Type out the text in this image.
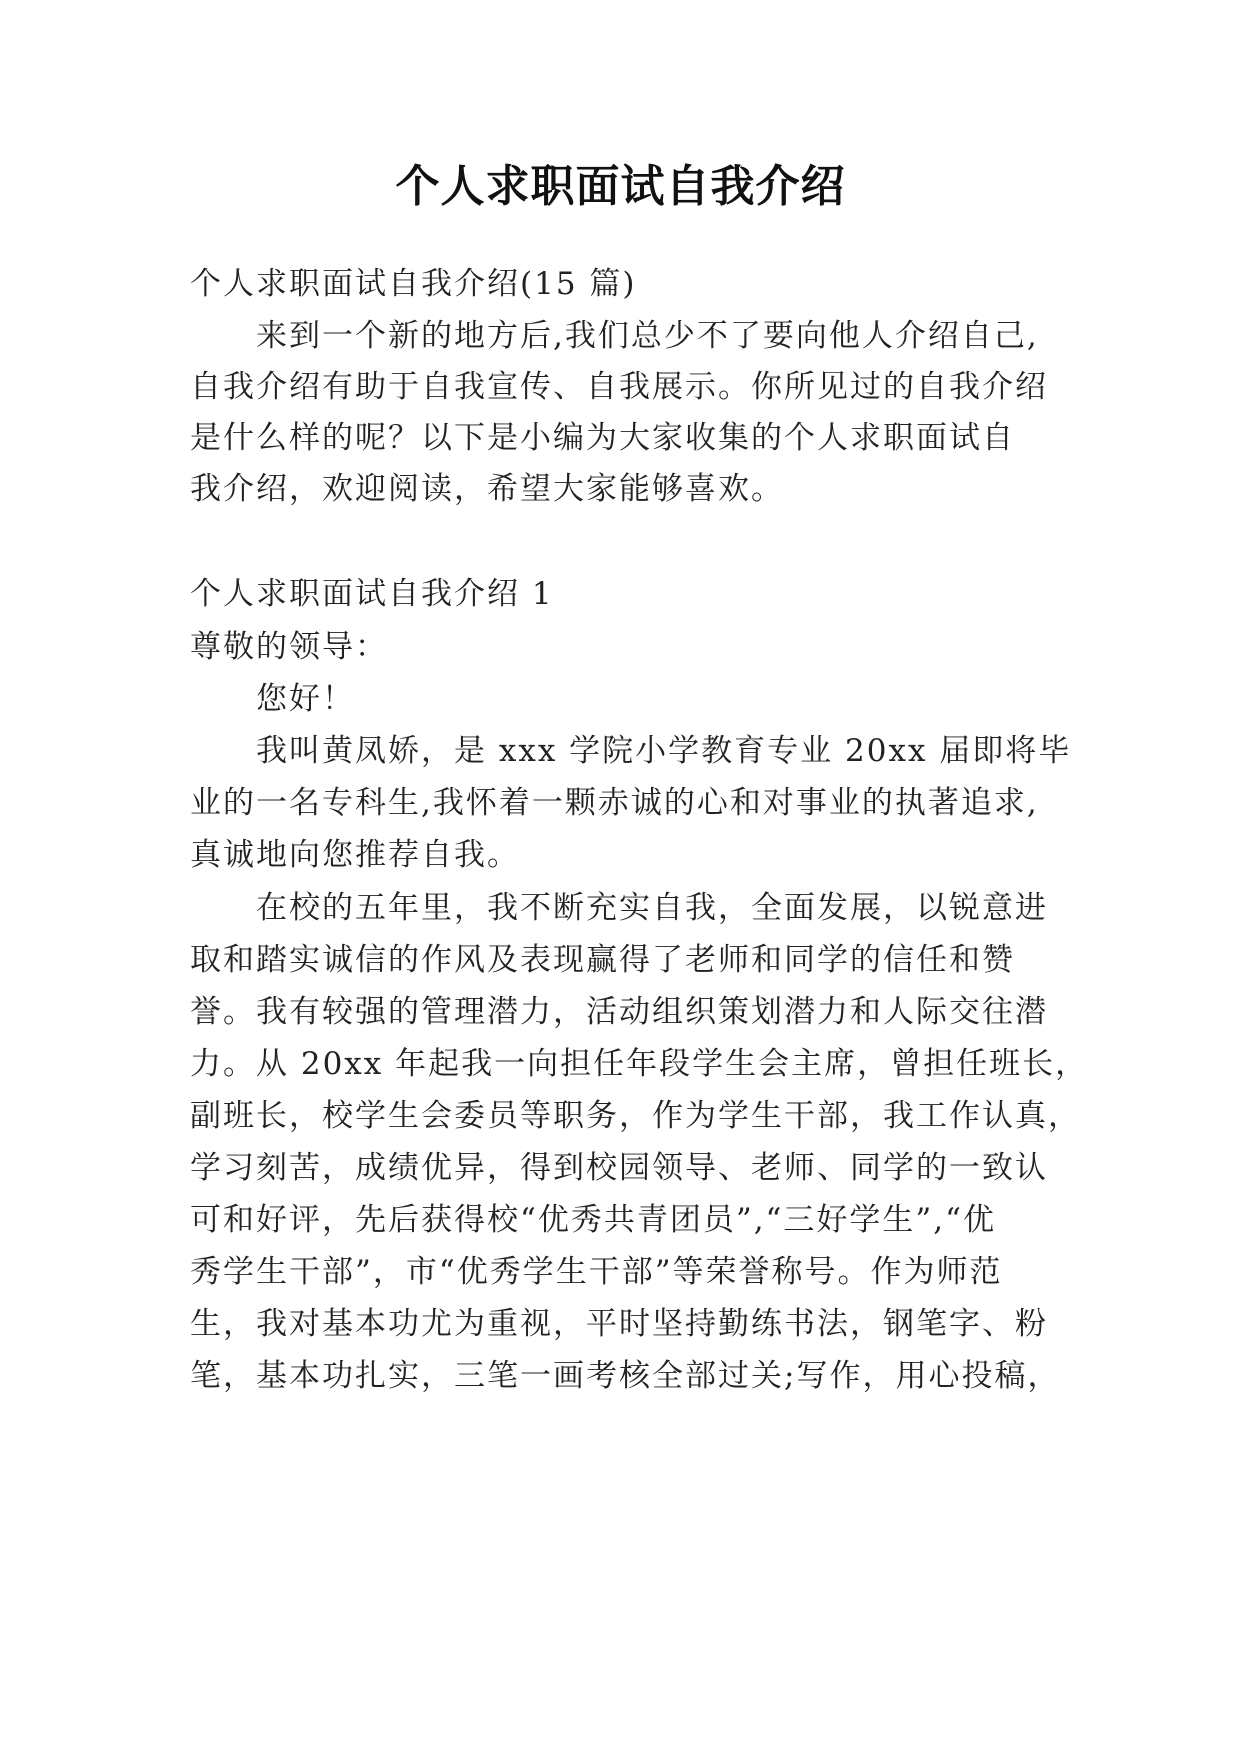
个人求职面试自我介绍
个人求职面试自我介绍(15 篇)
来到一个新的地方后,我们总少不了要向他人介绍自己,
自我介绍有助于自我宣传、自我展示。你所见过的自我介绍
是什么样的呢？以下是小编为大家收集的个人求职面试自
我介绍，欢迎阅读，希望大家能够喜欢。
个人求职面试自我介绍 1
尊敬的领导：
您好！
我叫黄凤娇，是 xxx 学院小学教育专业 20xx 届即将毕
业的一名专科生,我怀着一颗赤诚的心和对事业的执著追求,
真诚地向您推荐自我。
在校的五年里，我不断充实自我，全面发展，以锐意进
取和踏实诚信的作风及表现赢得了老师和同学的信任和赞
誉。我有较强的管理潜力，活动组织策划潜力和人际交往潜
力。从 20xx 年起我一向担任年段学生会主席，曾担任班长，
副班长，校学生会委员等职务，作为学生干部，我工作认真，
学习刻苦，成绩优异，得到校园领导、老师、同学的一致认
可和好评，先后获得校“优秀共青团员”,“三好学生”,“优
秀学生干部”，市“优秀学生干部”等荣誉称号。作为师范
生，我对基本功尤为重视，平时坚持勤练书法，钢笔字、粉
笔，基本功扎实，三笔一画考核全部过关;写作，用心投稿，
